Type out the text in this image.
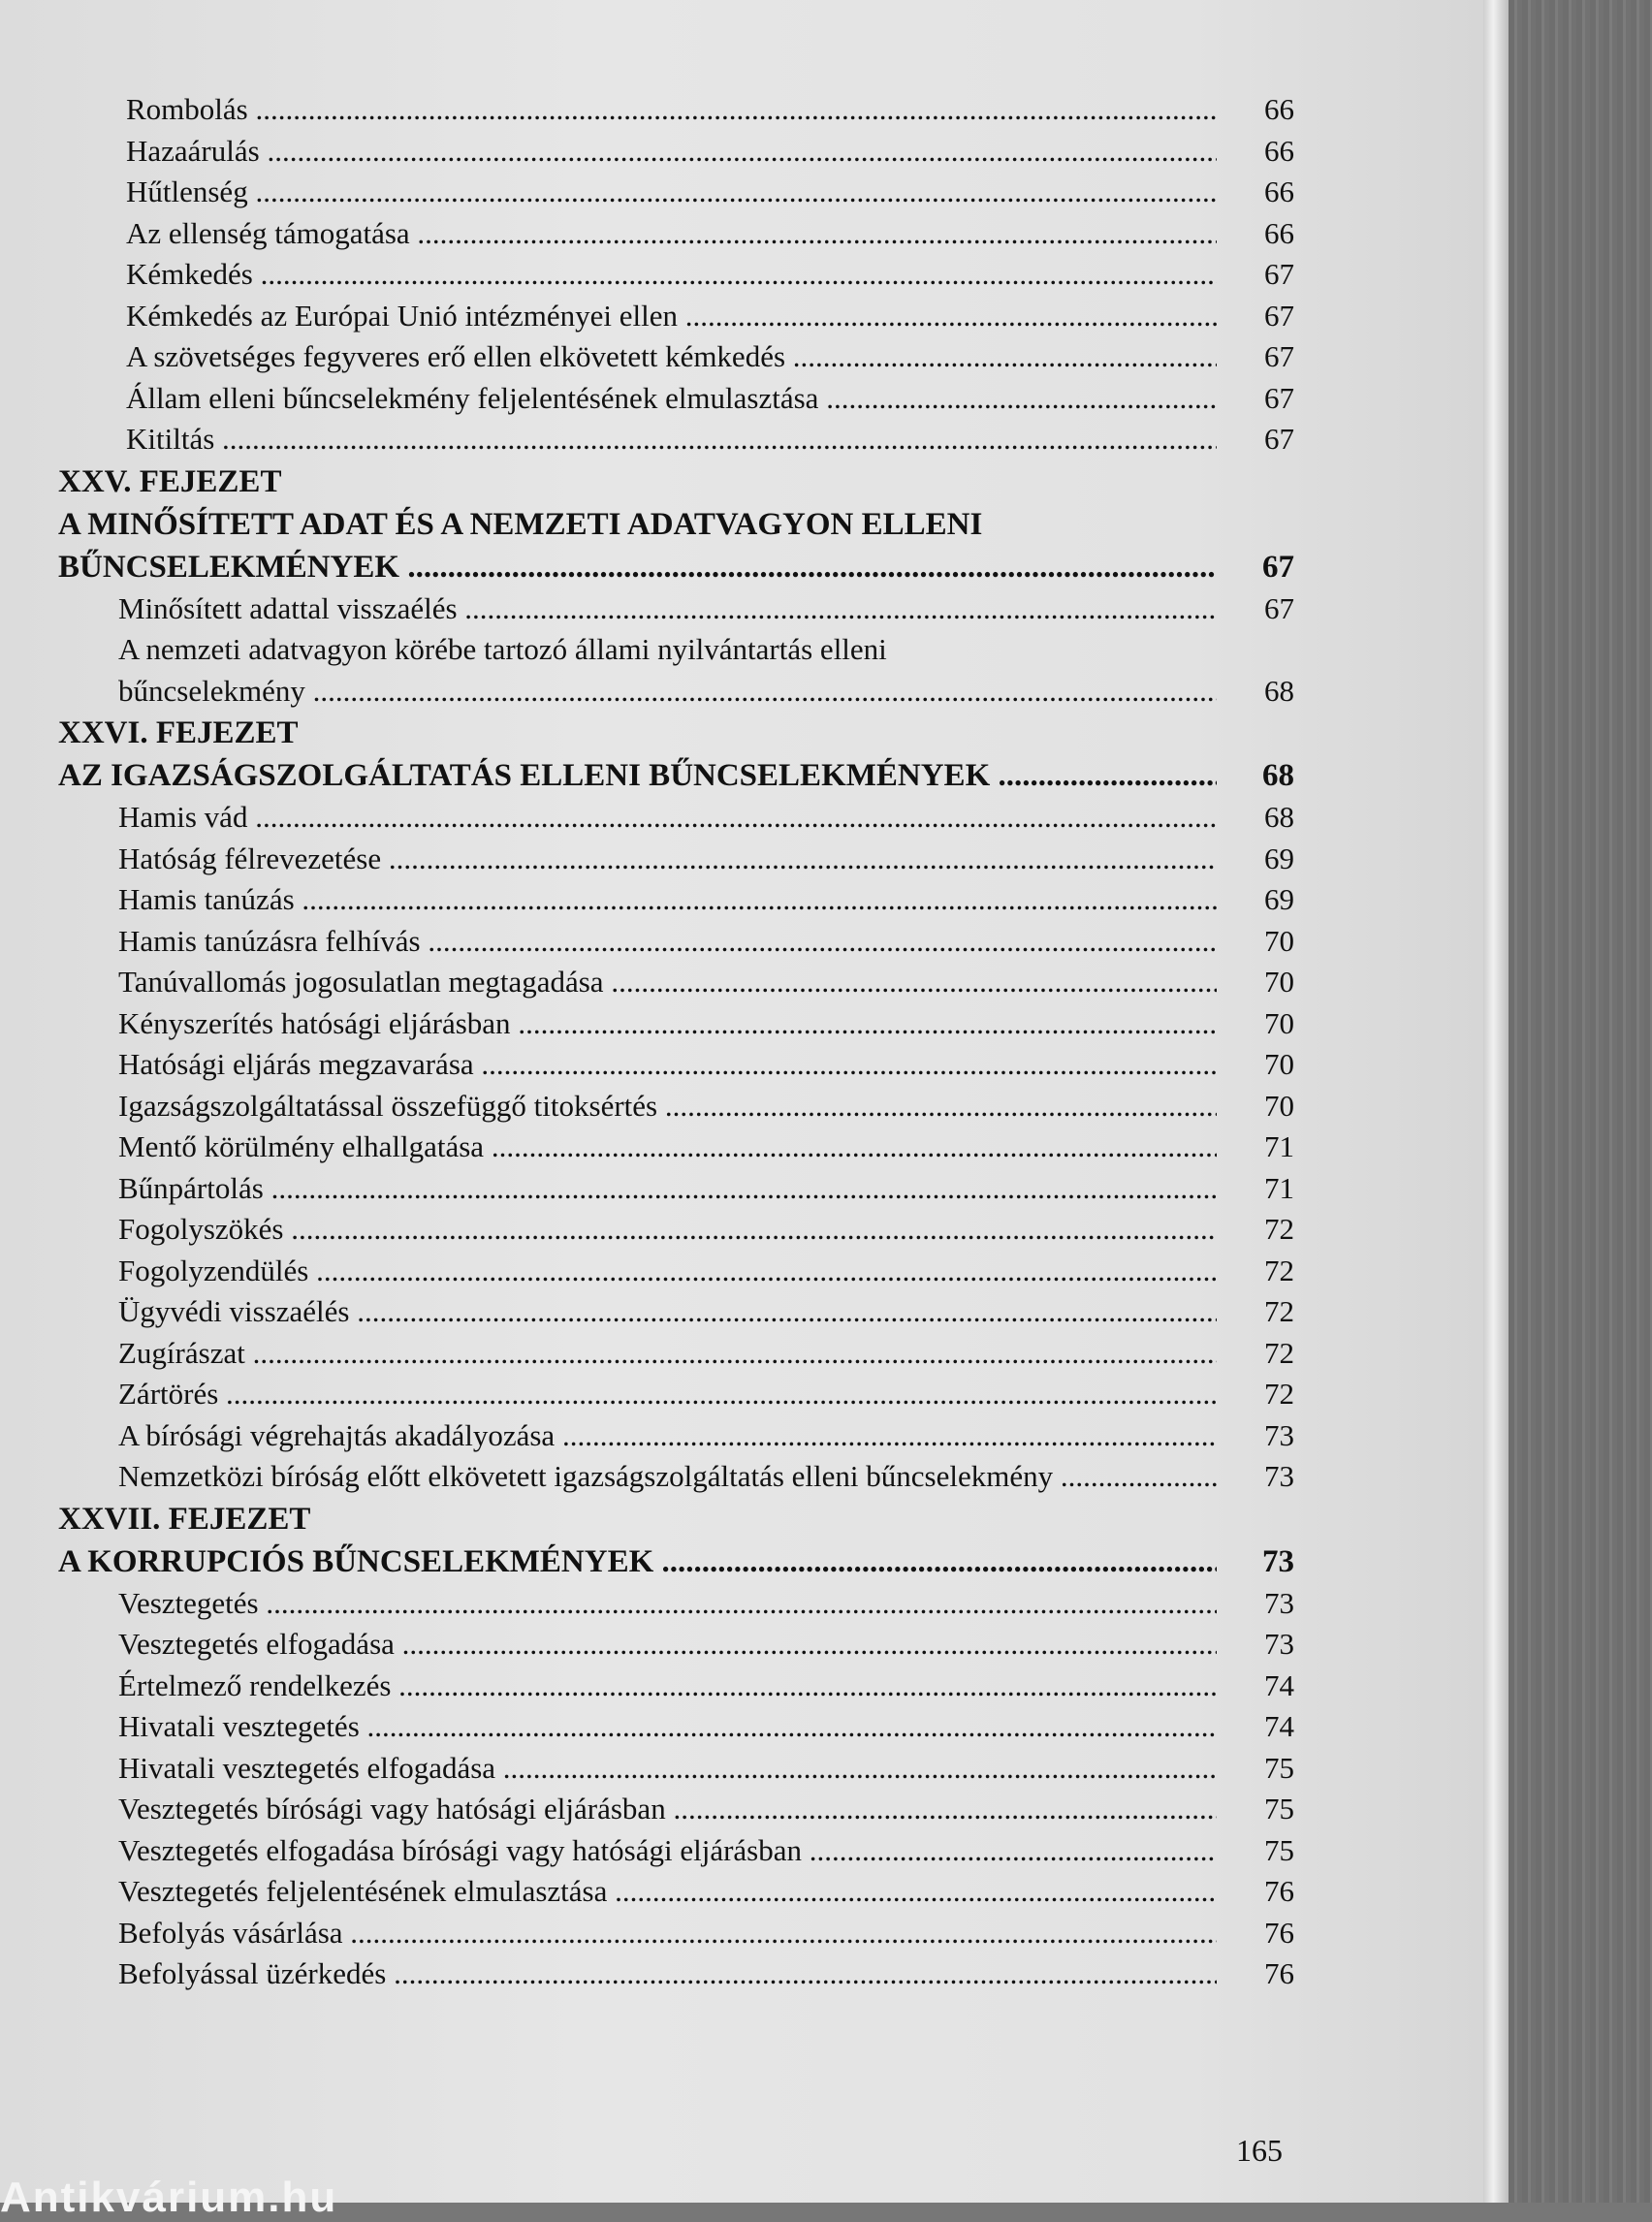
Rombolás .....	66
Hazaárulás .....	66
Hűtlenség .....	66
Az ellenség támogatása .....	66
Kémkedés .....	67
Kémkedés az Európai Unió intézményei ellen .....	67
A szövetséges fegyveres erő ellen elkövetett kémkedés .....	67
Állam elleni bűncselekmény feljelentésének elmulasztása .....	67
Kitiltás .....	67
XXV. FEJEZET
A MINŐSÍTETT ADAT ÉS A NEMZETI ADATVAGYON ELLENI
BŰNCSELEKMÉNYEK .....	67
Minősített adattal visszaélés .....	67
A nemzeti adatvagyon körébe tartozó állami nyilvántartás elleni
bűncselekmény .....	68
XXVI. FEJEZET
AZ IGAZSÁGSZOLGÁLTATÁS ELLENI BŰNCSELEKMÉNYEK .....	68
Hamis vád .....	68
Hatóság félrevezetése .....	69
Hamis tanúzás .....	69
Hamis tanúzásra felhívás .....	70
Tanúvallomás jogosulatlan megtagadása .....	70
Kényszerítés hatósági eljárásban .....	70
Hatósági eljárás megzavarása .....	70
Igazságszolgáltatással összefüggő titoksértés .....	70
Mentő körülmény elhallgatása .....	71
Bűnpártolás .....	71
Fogolyszökés .....	72
Fogolyzendülés .....	72
Ügyvédi visszaélés .....	72
Zugírászat .....	72
Zártörés .....	72
A bírósági végrehajtás akadályozása .....	73
Nemzetközi bíróság előtt elkövetett igazságszolgáltatás elleni bűncselekmény .....	73
XXVII. FEJEZET
A KORRUPCIÓS BŰNCSELEKMÉNYEK .....	73
Vesztegetés .....	73
Vesztegetés elfogadása .....	73
Értelmező rendelkezés .....	74
Hivatali vesztegetés .....	74
Hivatali vesztegetés elfogadása .....	75
Vesztegetés bírósági vagy hatósági eljárásban .....	75
Vesztegetés elfogadása bírósági vagy hatósági eljárásban .....	75
Vesztegetés feljelentésének elmulasztása .....	76
Befolyás vásárlása .....	76
Befolyással üzérkedés .....	76
165
Antikvárium.hu
